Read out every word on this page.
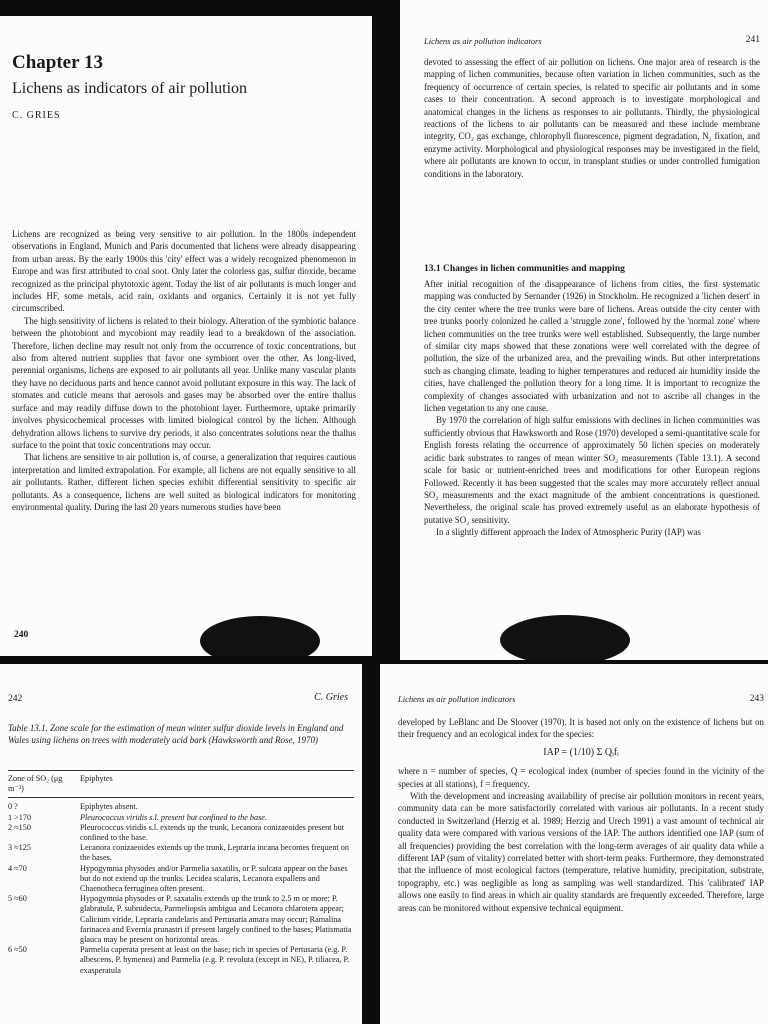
Chapter 13
Lichens as indicators of air pollution
C. GRIES

Lichens are recognized as being very sensitive to air pollution. In the 1800s independent observations in England, Munich and Paris documented that lichens were already disappearing from urban areas. By the early 1900s this 'city' effect was a widely recognized phenomenon in Europe and was first attributed to coal soot. Only later the colorless gas, sulfur dioxide, became recognized as the principal phytotoxic agent. Today the list of air pollutants is much longer and includes HF, some metals, acid rain, oxidants and organics. Certainly it is not yet fully circumscribed.

The high sensitivity of lichens is related to their biology. Alteration of the symbiotic balance between the photobiont and mycobiont may readily lead to a breakdown of the association. Therefore, lichen decline may result not only from the occurrence of toxic concentrations, but also from altered nutrient supplies that favor one symbiont over the other. As long-lived, perennial organisms, lichens are exposed to air pollutants all year. Unlike many vascular plants they have no deciduous parts and hence cannot avoid pollutant exposure in this way. The lack of stomates and cuticle means that aerosols and gases may be absorbed over the entire thallus surface and may readily diffuse down to the photobiont layer. Furthermore, uptake primarily involves physicochemical processes with limited biological control by the lichen. Although dehydration allows lichens to survive dry periods, it also concentrates solutions near the thallus surface to the point that toxic concentrations may occur.

That lichens are sensitive to air pollution is, of course, a generalization that requires cautious interpretation and limited extrapolation. For example, all lichens are not equally sensitive to all air pollutants. Rather, different lichen species exhibit differential sensitivity to specific air pollutants. As a consequence, lichens are well suited as biological indicators for monitoring environmental quality. During the last 20 years numerous studies have been

240
Lichens as air pollution indicators	241

devoted to assessing the effect of air pollution on lichens. One major area of research is the mapping of lichen communities, because often variation in lichen communities, such as the frequency of occurrence of certain species, is related to specific air pollutants and in some cases to their concentration. A second approach is to investigate morphological and anatomical changes in the lichens as responses to air pollutants. Thirdly, the physiological reactions of the lichens to air pollutants can be measured and these include membrane integrity, CO₂ gas exchange, chlorophyll fluorescence, pigment degradation, N₂ fixation, and enzyme activity. Morphological and physiological responses may be investigated in the field, where air pollutants are known to occur, in transplant studies or under controlled fumigation conditions in the laboratory.

13.1 Changes in lichen communities and mapping

After initial recognition of the disappearance of lichens from cities, the first systematic mapping was conducted by Sernander (1926) in Stockholm. He recognized a 'lichen desert' in the city center where the tree trunks were bare of lichens. Areas outside the city center with tree trunks poorly colonized he called a 'struggle zone', followed by the 'normal zone' where lichen communities on the tree trunks were well established. Subsequently, the large number of similar city maps showed that these zonations were well correlated with the degree of pollution, the size of the urbanized area, and the prevailing winds. But other interpretations such as changing climate, leading to higher temperatures and reduced air humidity inside the cities, have challenged the pollution theory for a long time. It is important to recognize the complexity of changes associated with urbanization and not to ascribe all changes in the lichen vegetation to any one cause.

By 1970 the correlation of high sulfur emissions with declines in lichen communities was sufficiently obvious that Hawksworth and Rose (1970) developed a semi-quantitative scale for English forests relating the occurrence of approximately 50 lichen species on moderately acidic bark substrates to ranges of mean winter SO₂ measurements (Table 13.1). A second scale for basic or nutrient-enriched trees and modifications for other European regions Followed. Recently it has been suggested that the scales may more accurately reflect annual SO₂ measurements and the exact magnitude of the ambient concentrations is questioned. Nevertheless, the original scale has proved extremely useful as an elaborate hypothesis of putative SO₂ sensitivity.

In a slightly different approach the Index of Atmospheric Purity (IAP) was

242	C. Gries
Table 13.1. Zone scale for the estimation of mean winter sulfur dioxide levels in England and Wales using lichens on trees with moderately acid bark (Hawksworth and Rose, 1970)
Zone of SO₂ (μg m⁻³)	Epiphytes
0 ?	Epiphytes absent.
1 >170	Pleurococcus viridis s.l. present but confined to the base.
2 ≈150	Pleurococcus viridis s.l. extends up the trunk, Lecanora conizaeoides present but confined to the base.
3 ≈125	Lecanora conizaeoides extends up the trunk, Lepraria incana becomes frequent on the bases.
4 ≈70	Hypogymnia physodes and/or Parmelia saxatilis, or P. sulcata appear on the bases but do not extend up the trunks. Lecidea scalaris, Lecanora expallens and Chaenotheca ferruginea often present.
5 ≈60	Hypogymnia physodes or P. saxatalis extends up the trunk to 2.5 m or more; P. glabratula, P. subrudecta, Parmeliopsis ambigua and Lecanora chlarotera appear; Calicium viride, Lepraria candelaris and Pertusaria amara may occur; Ramalina farinacea and Evernia prunastri if present largely confined to the bases; Platismatia glauca may be present on horizontal areas.
6 ≈50	Parmelia caperata present at least on the base; rich in species of Pertusaria (e.g. P. albescens, P. hymenea) and Parmelia (e.g. P. revoluta (except in NE), P. tiliacea, P. exasperatula
Lichens as air pollution indicators	243

developed by LeBlanc and De Sloover (1970). It is based not only on the existence of lichens but on their frequency and an ecological index for the species:

IAP = (1/10) Σ Qᵢfᵢ

where n = number of species, Q = ecological index (number of species found in the vicinity of the species at all stations), f = frequency.

With the development and increasing availability of precise air pollution monitors in recent years, community data can be more satisfactorily correlated with various air pollutants. In a recent study conducted in Switzerland (Herzig et al. 1989; Herzig and Urech 1991) a vast amount of technical air quality data were compared with various versions of the IAP. The authors identified one IAP (sum of all frequencies) providing the best correlation with the long-term averages of air quality data while a different IAP (sum of vitality) correlated better with short-term peaks. Furthermore, they demonstrated that the influence of most ecological factors (temperature, relative humidity, precipitation, substrate, topography, etc.) was negligible as long as sampling was well standardized. This 'calibrated' IAP allows one easily to find areas in which air quality standards are frequently exceeded. Therefore, large areas can be monitored without expensive technical equipment.
